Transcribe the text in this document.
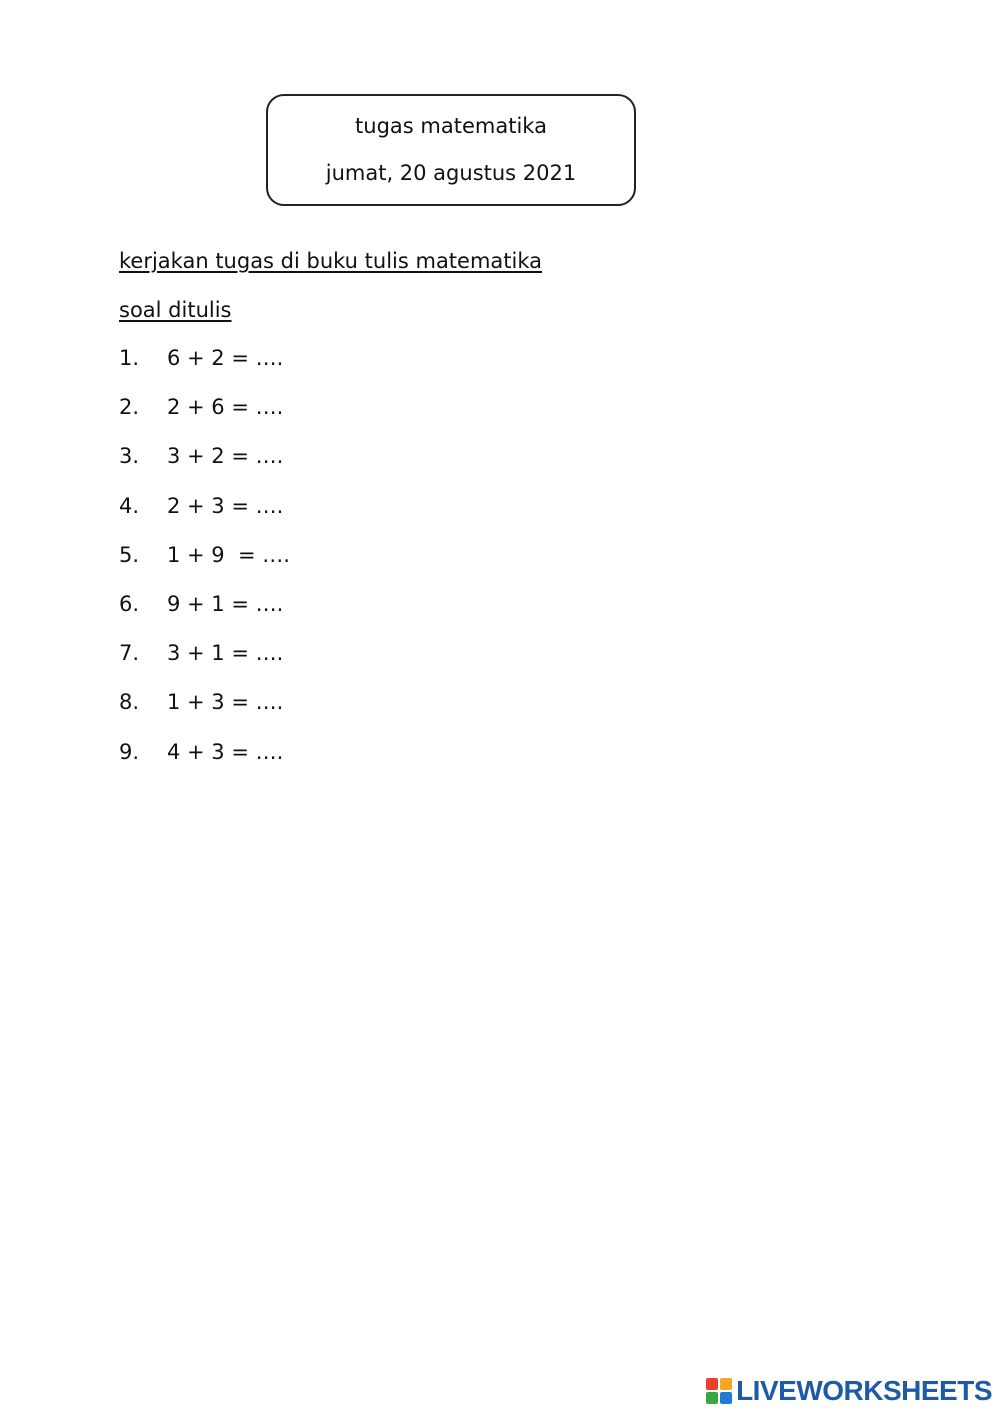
tugas matematika
jumat, 20 agustus 2021
kerjakan tugas di buku tulis matematika
soal ditulis
1.	6 + 2 = ….
2.	2 + 6 = ….
3.	3 + 2 = ….
4.	2 + 3 = ….
5.	1 + 9  = ….
6.	9 + 1 = ….
7.	3 + 1 = ….
8.	1 + 3 = ….
9.	4 + 3 = ….
LIVEWORKSHEETS
